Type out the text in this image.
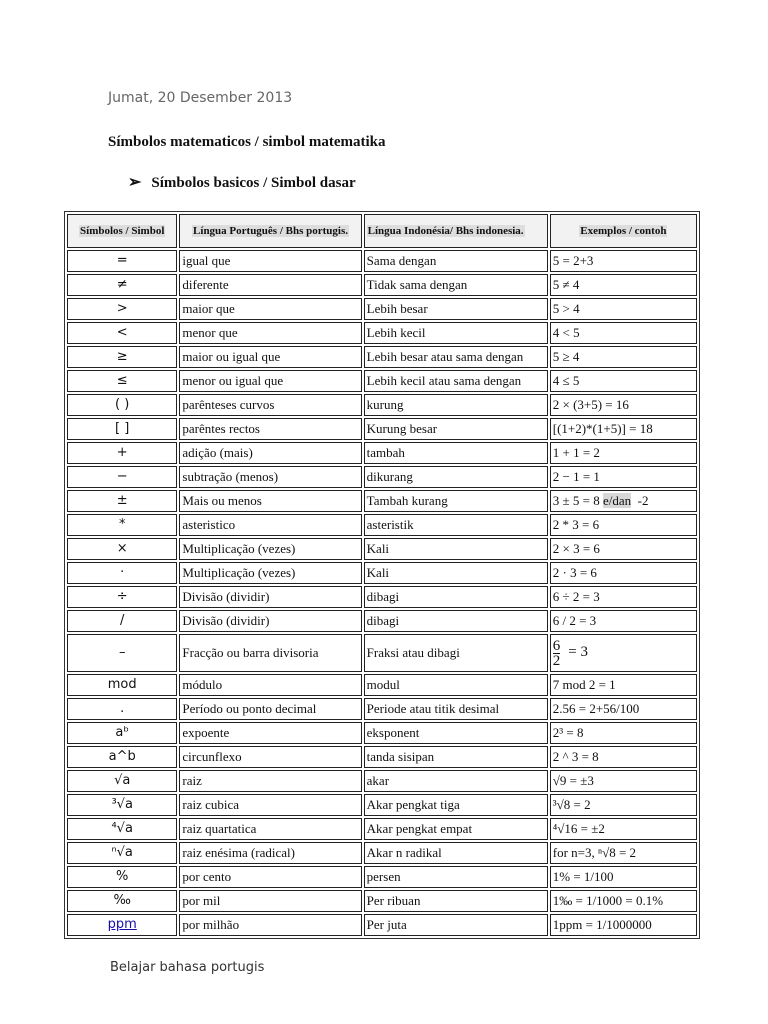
Jumat, 20 Desember 2013
Símbolos matematicos / simbol matematika
➢ Símbolos basicos / Simbol dasar
Símbolos / Simbol	Língua Português / Bhs portugis.	Língua Indonésia/ Bhs indonesia.	Exemplos / contoh
=	igual que	Sama dengan	5 = 2+3
≠	diferente	Tidak sama dengan	5 ≠ 4
>	maior que	Lebih besar	5 > 4
<	menor que	Lebih kecil	4 < 5
≥	maior ou igual que	Lebih besar atau sama dengan	5 ≥ 4
≤	menor ou igual que	Lebih kecil atau sama dengan	4 ≤ 5
( )	parênteses curvos	kurung	2 × (3+5) = 16
[ ]	parêntes rectos	Kurung besar	[(1+2)*(1+5)] = 18
+	adição (mais)	tambah	1 + 1 = 2
−	subtração (menos)	dikurang	2 − 1 = 1
±	Mais ou menos	Tambah kurang	3 ± 5 = 8 e/dan  -2
*	asteristico	asteristik	2 * 3 = 6
×	Multiplicação (vezes)	Kali	2 × 3 = 6
·	Multiplicação (vezes)	Kali	2 · 3 = 6
÷	Divisão (dividir)	dibagi	6 ÷ 2 = 3
/	Divisão (dividir)	dibagi	6 / 2 = 3
–	Fracção ou barra divisoria	Fraksi atau dibagi	$\frac{6}{2} = 3$
mod	módulo	modul	7 mod 2 = 1
.	Período ou ponto decimal	Periode atau titik desimal	2.56 = 2+56/100
aᵇ	expoente	eksponent	2³ = 8
a^b	circunflexo	tanda sisipan	2 ^ 3 = 8
√a	raiz	akar	√9 = ±3
³√a	raiz cubica	Akar pengkat tiga	³√8 = 2
⁴√a	raiz quartatica	Akar pengkat empat	⁴√16 = ±2
ⁿ√a	raiz enésima (radical)	Akar n radikal	for n=3, ⁿ√8 = 2
%	por cento	persen	1% = 1/100
‰	por mil	Per ribuan	1‰ = 1/1000 = 0.1%
ppm	por milhão	Per juta	1ppm = 1/1000000
Belajar bahasa portugis
